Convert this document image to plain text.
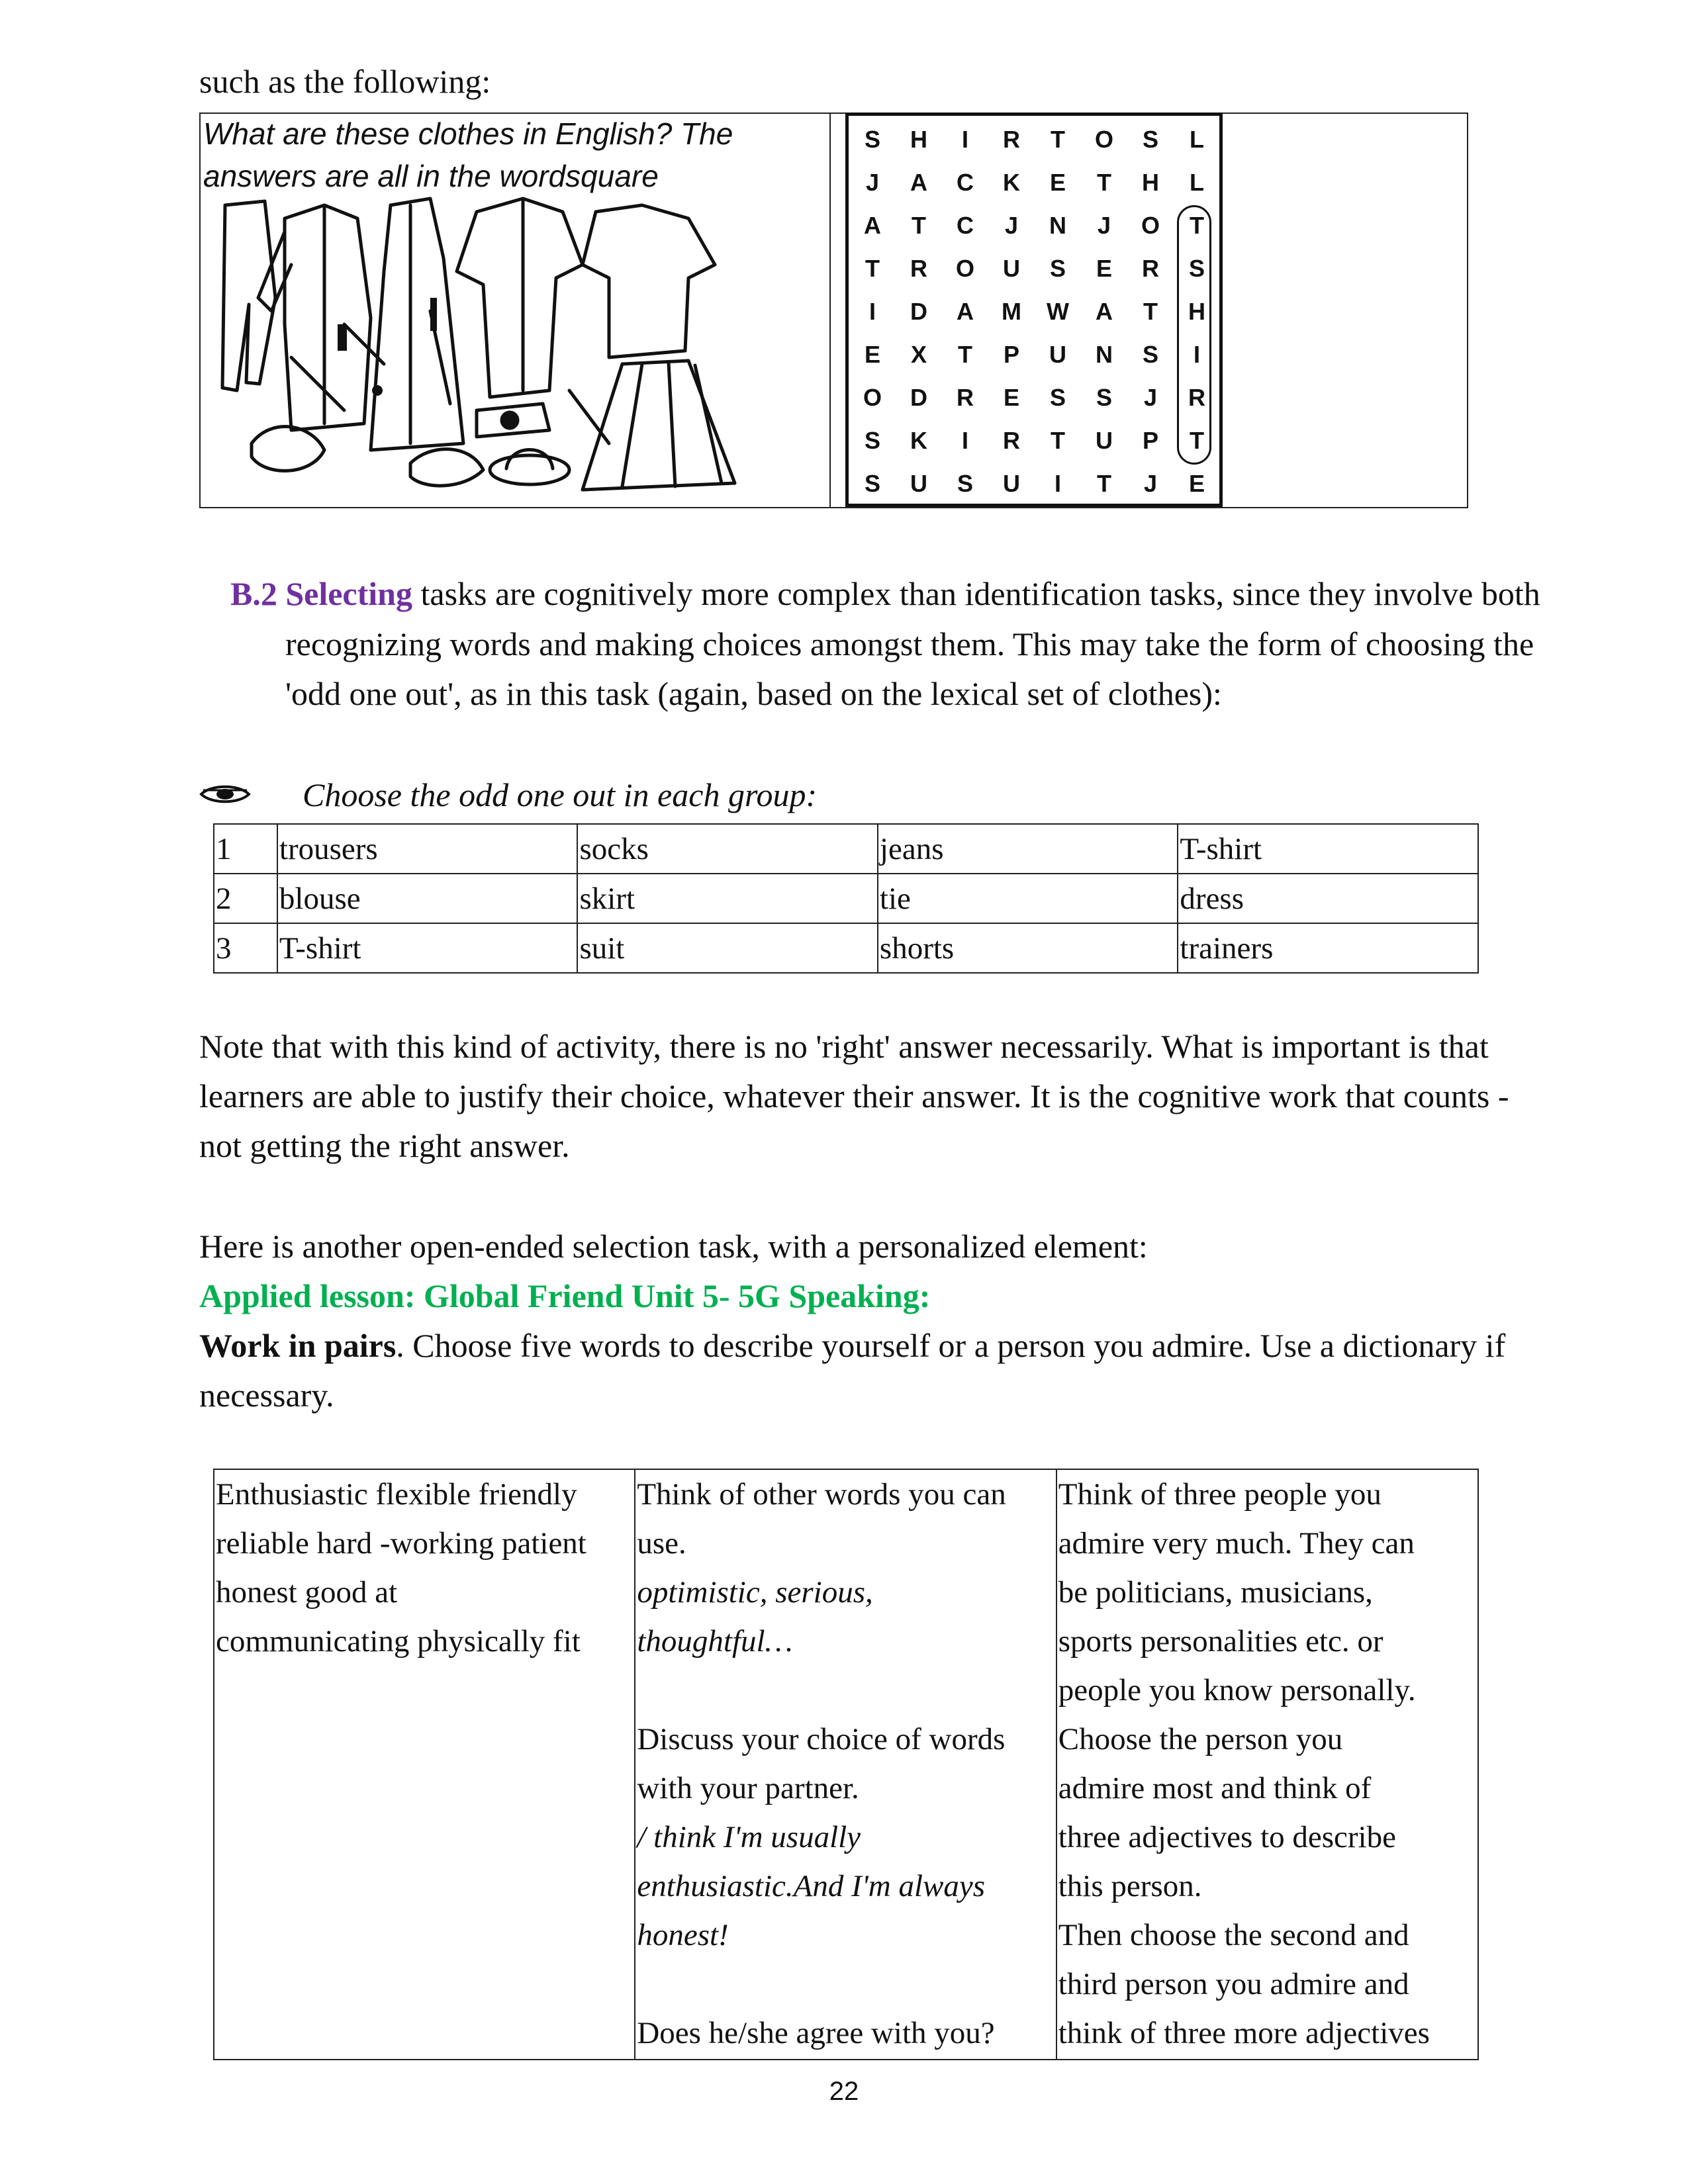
such as the following:
What are these clothes in English? The
answers are all in the wordsquare
S	H	I	R	T	O	S	L
J	A	C	K	E	T	H	L
A	T	C	J	N	J	O	T
T	R	O	U	S	E	R	S
I	D	A	M	W	A	T	H
E	X	T	P	U	N	S	I
O	D	R	E	S	S	J	R
S	K	I	R	T	U	P	T
S	U	S	U	I	T	J	E
B.2 Selecting tasks are cognitively more complex than identification tasks, since they involve both
recognizing words and making choices amongst them. This may take the form of choosing the
'odd one out', as in this task (again, based on the lexical set of clothes):
Choose the odd one out in each group:
1	trousers	socks	jeans	T-shirt
2	blouse	skirt	tie	dress
3	T-shirt	suit	shorts	trainers
Note that with this kind of activity, there is no 'right' answer necessarily. What is important is that
learners are able to justify their choice, whatever their answer. It is the cognitive work that counts -
not getting the right answer.
Here is another open-ended selection task, with a personalized element:
Applied lesson: Global Friend Unit 5- 5G Speaking:
Work in pairs. Choose five words to describe yourself or a person you admire. Use a dictionary if
necessary.
Enthusiastic flexible friendly
reliable hard -working patient
honest good at
communicating physically fit

Think of other words you can
use.
optimistic, serious,
thoughtful…
Discuss your choice of words
with your partner.
/ think I'm usually
enthusiastic.And I'm always
honest!
Does he/she agree with you?

Think of three people you
admire very much. They can
be politicians, musicians,
sports personalities etc. or
people you know personally.
Choose the person you
admire most and think of
three adjectives to describe
this person.
Then choose the second and
third person you admire and
think of three more adjectives
22
